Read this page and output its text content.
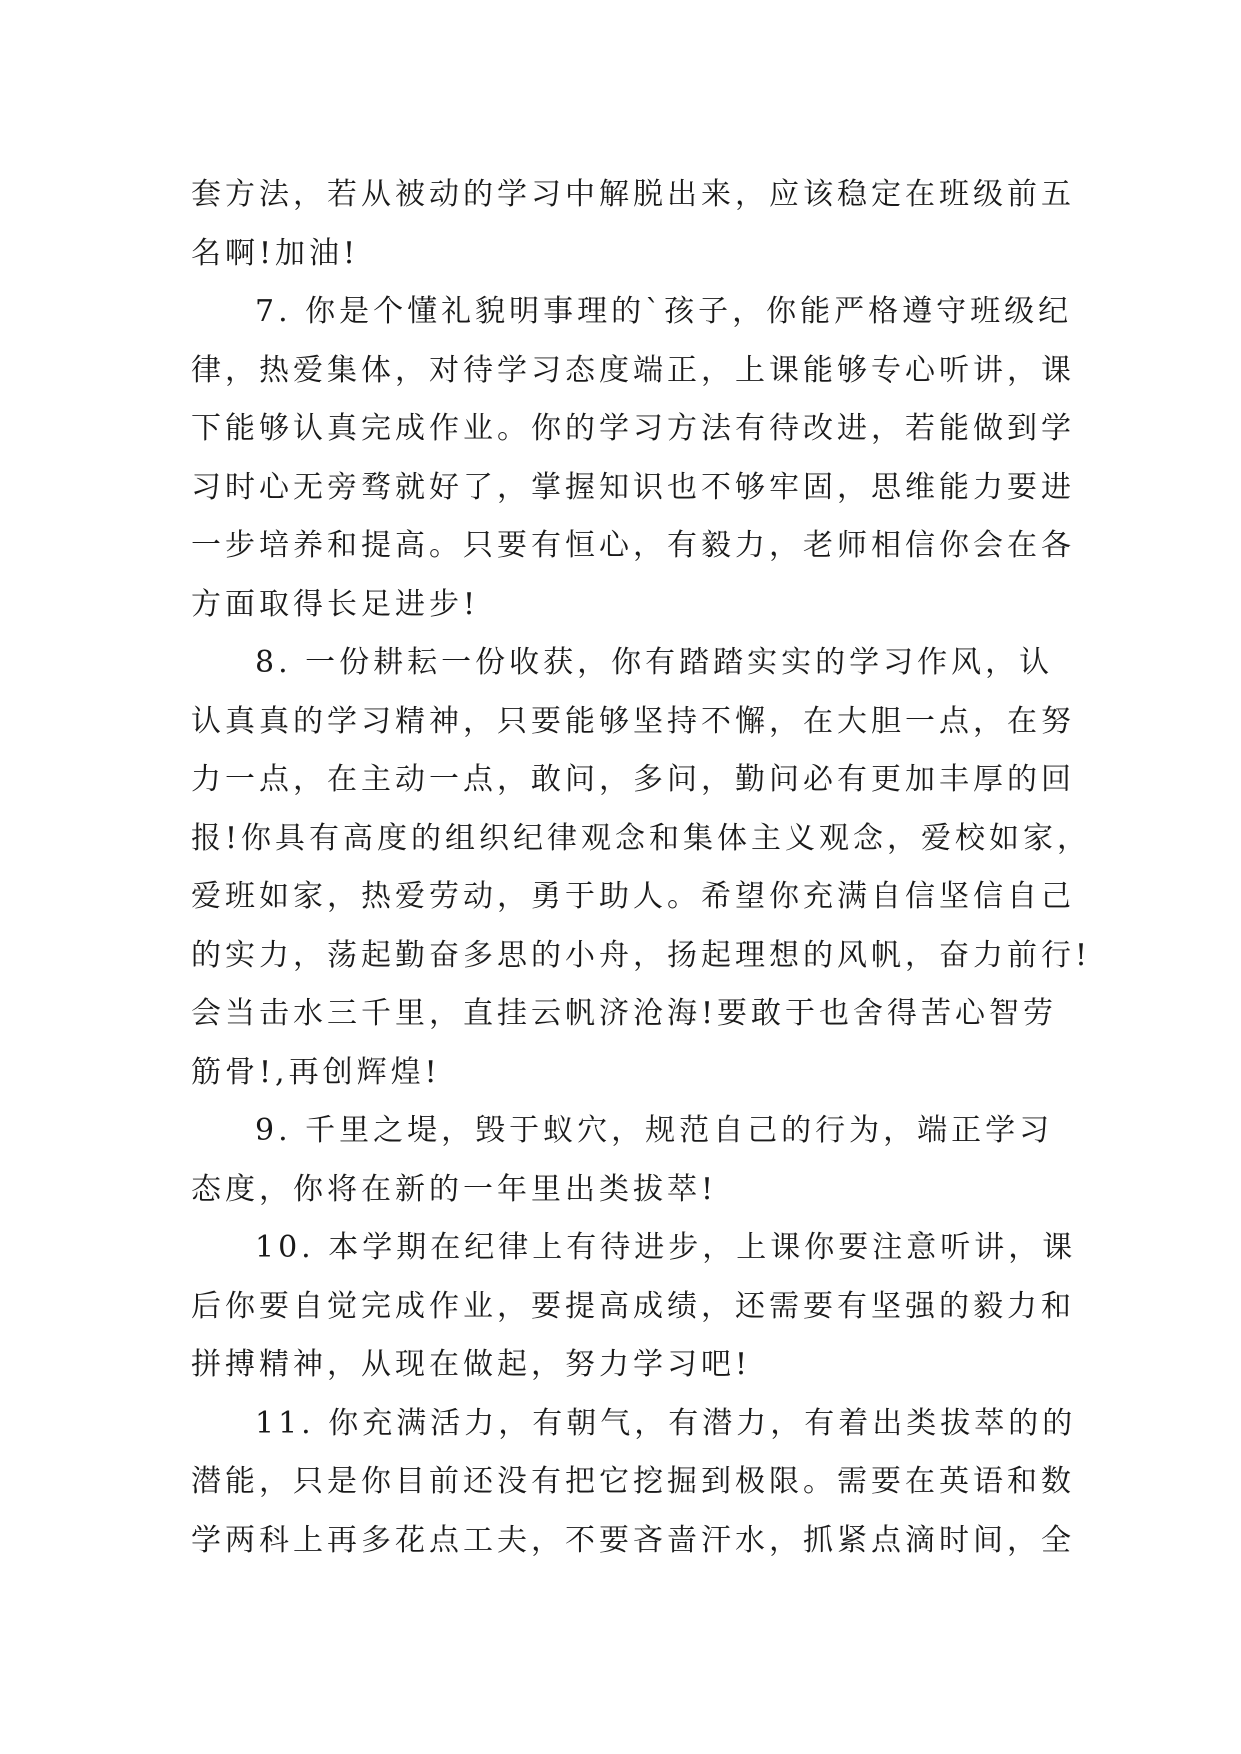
套方法，若从被动的学习中解脱出来，应该稳定在班级前五
名啊!加油!
7. 你是个懂礼貌明事理的`孩子，你能严格遵守班级纪
律，热爱集体，对待学习态度端正，上课能够专心听讲，课
下能够认真完成作业。你的学习方法有待改进，若能做到学
习时心无旁骛就好了，掌握知识也不够牢固，思维能力要进
一步培养和提高。只要有恒心，有毅力，老师相信你会在各
方面取得长足进步!
8. 一份耕耘一份收获，你有踏踏实实的学习作风，认
认真真的学习精神，只要能够坚持不懈，在大胆一点，在努
力一点，在主动一点，敢问，多问，勤问必有更加丰厚的回
报!你具有高度的组织纪律观念和集体主义观念，爱校如家，
爱班如家，热爱劳动，勇于助人。希望你充满自信坚信自己
的实力，荡起勤奋多思的小舟，扬起理想的风帆，奋力前行!
会当击水三千里，直挂云帆济沧海!要敢于也舍得苦心智劳
筋骨!,再创辉煌!
9. 千里之堤，毁于蚁穴，规范自己的行为，端正学习
态度，你将在新的一年里出类拔萃!
10. 本学期在纪律上有待进步，上课你要注意听讲，课
后你要自觉完成作业，要提高成绩，还需要有坚强的毅力和
拼搏精神，从现在做起，努力学习吧!
11. 你充满活力，有朝气，有潜力，有着出类拔萃的的
潜能，只是你目前还没有把它挖掘到极限。需要在英语和数
学两科上再多花点工夫，不要吝啬汗水，抓紧点滴时间，全
